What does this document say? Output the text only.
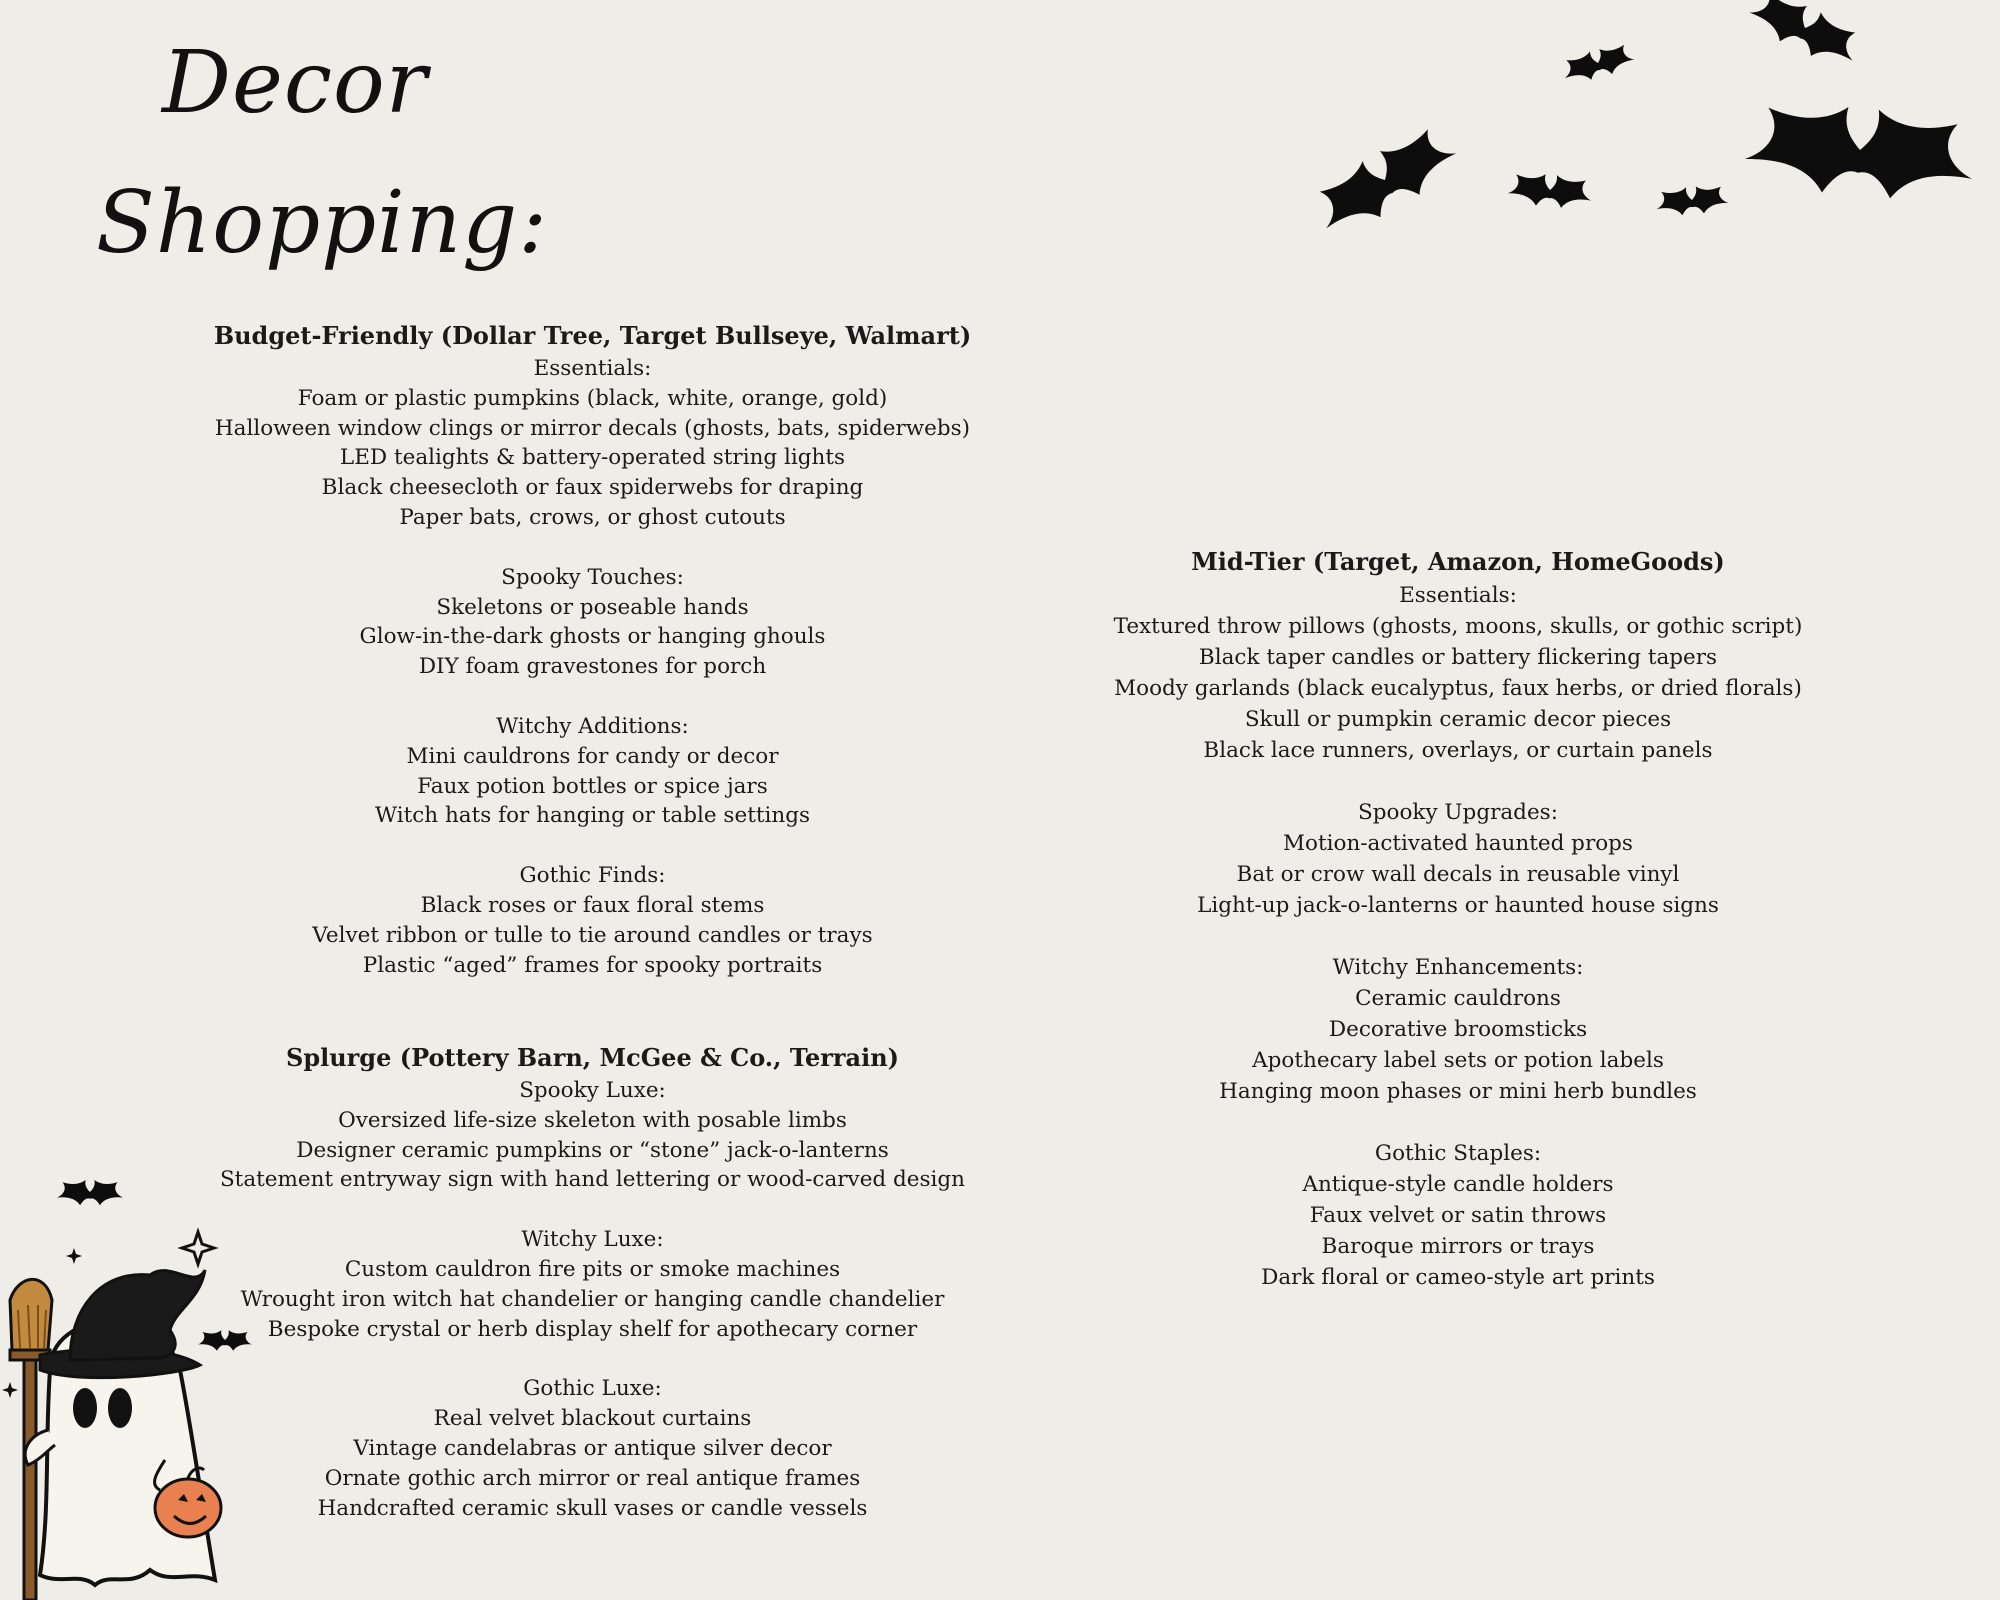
Decor
Shopping:
Budget-Friendly (Dollar Tree, Target Bullseye, Walmart)
Essentials:
Foam or plastic pumpkins (black, white, orange, gold)
Halloween window clings or mirror decals (ghosts, bats, spiderwebs)
LED tealights & battery-operated string lights
Black cheesecloth or faux spiderwebs for draping
Paper bats, crows, or ghost cutouts
Spooky Touches:
Skeletons or poseable hands
Glow-in-the-dark ghosts or hanging ghouls
DIY foam gravestones for porch
Witchy Additions:
Mini cauldrons for candy or decor
Faux potion bottles or spice jars
Witch hats for hanging or table settings
Gothic Finds:
Black roses or faux floral stems
Velvet ribbon or tulle to tie around candles or trays
Plastic “aged” frames for spooky portraits
Splurge (Pottery Barn, McGee & Co., Terrain)
Spooky Luxe:
Oversized life-size skeleton with posable limbs
Designer ceramic pumpkins or “stone” jack-o-lanterns
Statement entryway sign with hand lettering or wood-carved design
Witchy Luxe:
Custom cauldron fire pits or smoke machines
Wrought iron witch hat chandelier or hanging candle chandelier
Bespoke crystal or herb display shelf for apothecary corner
Gothic Luxe:
Real velvet blackout curtains
Vintage candelabras or antique silver decor
Ornate gothic arch mirror or real antique frames
Handcrafted ceramic skull vases or candle vessels
Mid-Tier (Target, Amazon, HomeGoods)
Essentials:
Textured throw pillows (ghosts, moons, skulls, or gothic script)
Black taper candles or battery flickering tapers
Moody garlands (black eucalyptus, faux herbs, or dried florals)
Skull or pumpkin ceramic decor pieces
Black lace runners, overlays, or curtain panels
Spooky Upgrades:
Motion-activated haunted props
Bat or crow wall decals in reusable vinyl
Light-up jack-o-lanterns or haunted house signs
Witchy Enhancements:
Ceramic cauldrons
Decorative broomsticks
Apothecary label sets or potion labels
Hanging moon phases or mini herb bundles
Gothic Staples:
Antique-style candle holders
Faux velvet or satin throws
Baroque mirrors or trays
Dark floral or cameo-style art prints
